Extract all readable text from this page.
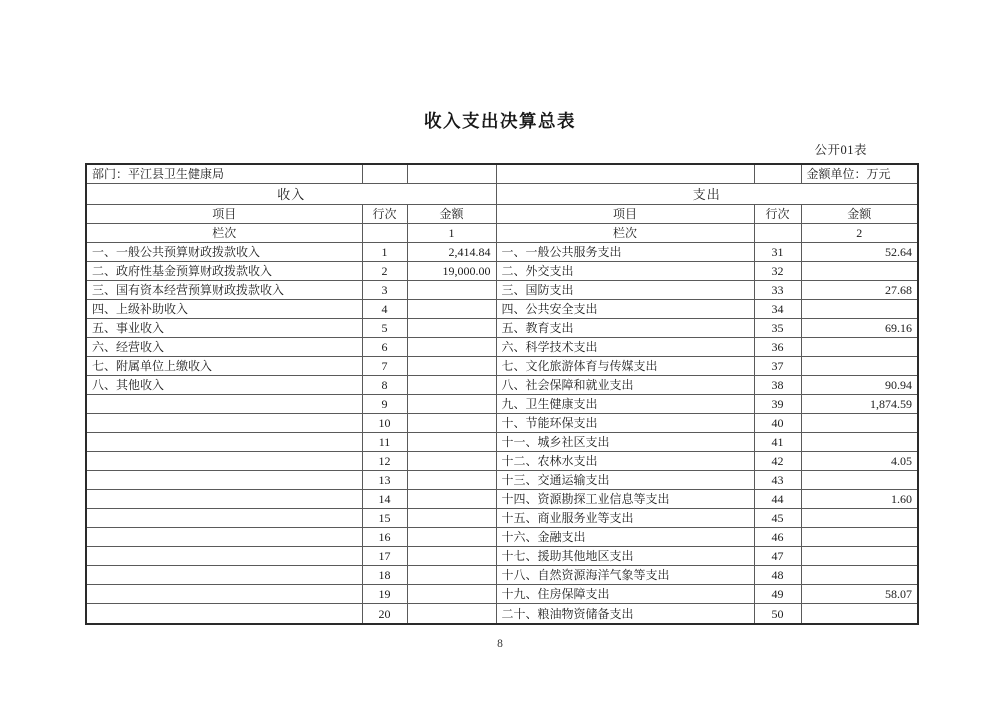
收入支出决算总表
公开01表
部门：平江县卫生健康局					金额单位：万元
收入			支出		
项目	行次	金额	项目	行次	金额
栏次		1	栏次		2
一、一般公共预算财政拨款收入	1	2,414.84	一、一般公共服务支出	31	52.64
二、政府性基金预算财政拨款收入	2	19,000.00	二、外交支出	32	
三、国有资本经营预算财政拨款收入	3		三、国防支出	33	27.68
四、上级补助收入	4		四、公共安全支出	34	
五、事业收入	5		五、教育支出	35	69.16
六、经营收入	6		六、科学技术支出	36	
七、附属单位上缴收入	7		七、文化旅游体育与传媒支出	37	
八、其他收入	8		八、社会保障和就业支出	38	90.94
	9		九、卫生健康支出	39	1,874.59
	10		十、节能环保支出	40	
	11		十一、城乡社区支出	41	
	12		十二、农林水支出	42	4.05
	13		十三、交通运输支出	43	
	14		十四、资源勘探工业信息等支出	44	1.60
	15		十五、商业服务业等支出	45	
	16		十六、金融支出	46	
	17		十七、援助其他地区支出	47	
	18		十八、自然资源海洋气象等支出	48	
	19		十九、住房保障支出	49	58.07
	20		二十、粮油物资储备支出	50	
8
